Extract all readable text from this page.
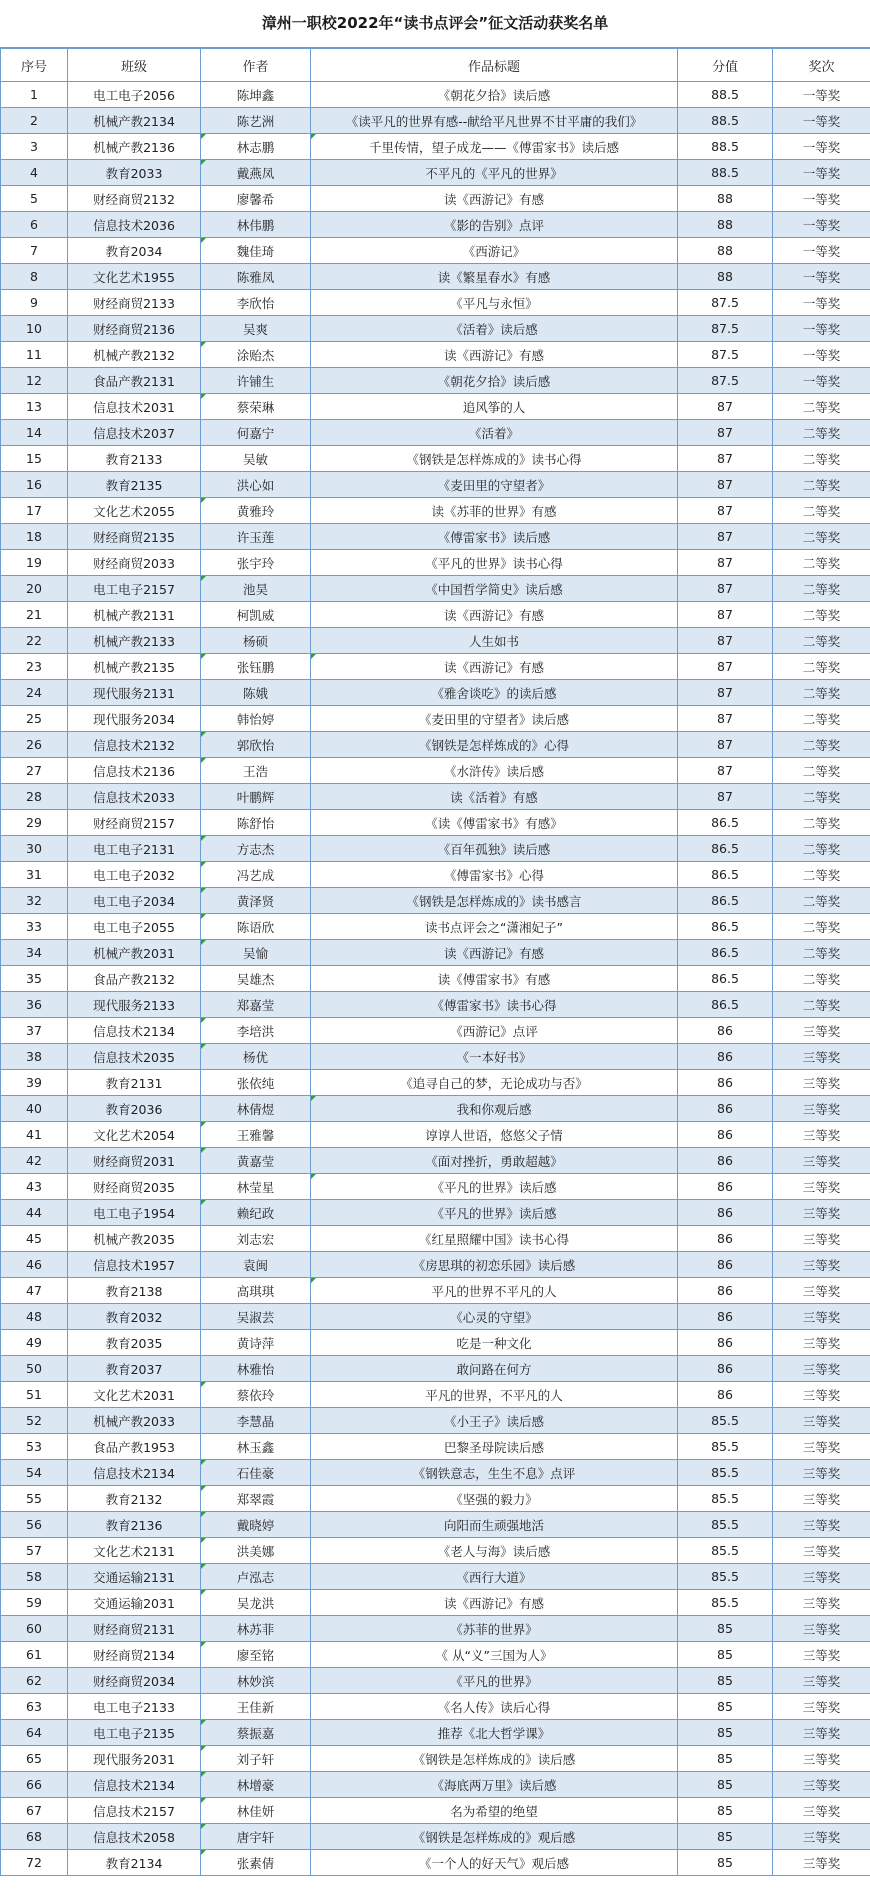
漳州一职校2022年“读书点评会”征文活动获奖名单
序号	班级	作者	作品标题	分值	奖次
1	电工电子2056	陈坤鑫	《朝花夕拾》读后感	88.5	一等奖
2	机械产教2134	陈艺洲	《读平凡的世界有感--献给平凡世界不甘平庸的我们》	88.5	一等奖
3	机械产教2136	林志鹏	千里传情，望子成龙——《傅雷家书》读后感	88.5	一等奖
4	教育2033	戴燕凤	不平凡的《平凡的世界》	88.5	一等奖
5	财经商贸2132	廖馨希	读《西游记》有感	88	一等奖
6	信息技术2036	林伟鹏	《影的告别》点评	88	一等奖
7	教育2034	魏佳琦	《西游记》	88	一等奖
8	文化艺术1955	陈雅凤	读《繁星春水》有感	88	一等奖
9	财经商贸2133	李欣怡	《平凡与永恒》	87.5	一等奖
10	财经商贸2136	吴爽	《活着》读后感	87.5	一等奖
11	机械产教2132	涂贻杰	读《西游记》有感	87.5	一等奖
12	食品产教2131	许铺生	《朝花夕拾》读后感	87.5	一等奖
13	信息技术2031	蔡荣琳	追风筝的人	87	二等奖
14	信息技术2037	何嘉宁	《活着》	87	二等奖
15	教育2133	吴敏	《钢铁是怎样炼成的》读书心得	87	二等奖
16	教育2135	洪心如	《麦田里的守望者》	87	二等奖
17	文化艺术2055	黄雅玲	读《苏菲的世界》有感	87	二等奖
18	财经商贸2135	许玉莲	《傅雷家书》读后感	87	二等奖
19	财经商贸2033	张宇玲	《平凡的世界》读书心得	87	二等奖
20	电工电子2157	池昊	《中国哲学简史》读后感	87	二等奖
21	机械产教2131	柯凯威	读《西游记》有感	87	二等奖
22	机械产教2133	杨硕	人生如书	87	二等奖
23	机械产教2135	张钰鹏	读《西游记》有感	87	二等奖
24	现代服务2131	陈娥	《雅舍谈吃》的读后感	87	二等奖
25	现代服务2034	韩怡婷	《麦田里的守望者》读后感	87	二等奖
26	信息技术2132	郭欣怡	《钢铁是怎样炼成的》心得	87	二等奖
27	信息技术2136	王浩	《水浒传》读后感	87	二等奖
28	信息技术2033	叶鹏辉	读《活着》有感	87	二等奖
29	财经商贸2157	陈舒怡	《读《傅雷家书》有感》	86.5	二等奖
30	电工电子2131	方志杰	《百年孤独》读后感	86.5	二等奖
31	电工电子2032	冯艺成	《傅雷家书》心得	86.5	二等奖
32	电工电子2034	黄泽贤	《钢铁是怎样炼成的》读书感言	86.5	二等奖
33	电工电子2055	陈语欣	读书点评会之“潇湘妃子”	86.5	二等奖
34	机械产教2031	吴愉	读《西游记》有感	86.5	二等奖
35	食品产教2132	吴雄杰	读《傅雷家书》有感	86.5	二等奖
36	现代服务2133	郑嘉莹	《傅雷家书》读书心得	86.5	二等奖
37	信息技术2134	李培洪	《西游记》点评	86	三等奖
38	信息技术2035	杨优	《一本好书》	86	三等奖
39	教育2131	张依纯	《追寻自己的梦，无论成功与否》	86	三等奖
40	教育2036	林倩煜	我和你观后感	86	三等奖
41	文化艺术2054	王雅馨	谆谆人世语，悠悠父子情	86	三等奖
42	财经商贸2031	黄嘉莹	《面对挫折，勇敢超越》	86	三等奖
43	财经商贸2035	林莹星	《平凡的世界》读后感	86	三等奖
44	电工电子1954	赖纪政	《平凡的世界》读后感	86	三等奖
45	机械产教2035	刘志宏	《红星照耀中国》读书心得	86	三等奖
46	信息技术1957	袁闽	《房思琪的初恋乐园》读后感	86	三等奖
47	教育2138	高琪琪	平凡的世界不平凡的人	86	三等奖
48	教育2032	吴淑芸	《心灵的守望》	86	三等奖
49	教育2035	黄诗萍	吃是一种文化	86	三等奖
50	教育2037	林雅怡	敢问路在何方	86	三等奖
51	文化艺术2031	蔡依玲	平凡的世界，不平凡的人	86	三等奖
52	机械产教2033	李慧晶	《小王子》读后感	85.5	三等奖
53	食品产教1953	林玉鑫	巴黎圣母院读后感	85.5	三等奖
54	信息技术2134	石佳豪	《钢铁意志，生生不息》点评	85.5	三等奖
55	教育2132	郑翠霞	《坚强的毅力》	85.5	三等奖
56	教育2136	戴晓婷	向阳而生顽强地活	85.5	三等奖
57	文化艺术2131	洪美娜	《老人与海》读后感	85.5	三等奖
58	交通运输2131	卢泓志	《西行大道》	85.5	三等奖
59	交通运输2031	吴龙洪	读《西游记》有感	85.5	三等奖
60	财经商贸2131	林苏菲	《苏菲的世界》	85	三等奖
61	财经商贸2134	廖至铭	《 从“义”三国为人》	85	三等奖
62	财经商贸2034	林妙滨	《平凡的世界》	85	三等奖
63	电工电子2133	王佳新	《名人传》读后心得	85	三等奖
64	电工电子2135	蔡振嘉	推荐《北大哲学课》	85	三等奖
65	现代服务2031	刘子轩	《钢铁是怎样炼成的》读后感	85	三等奖
66	信息技术2134	林增豪	《海底两万里》读后感	85	三等奖
67	信息技术2157	林佳妍	名为希望的绝望	85	三等奖
68	信息技术2058	唐宇轩	《钢铁是怎样炼成的》观后感	85	三等奖
72	教育2134	张素倩	《一个人的好天气》观后感	85	三等奖
